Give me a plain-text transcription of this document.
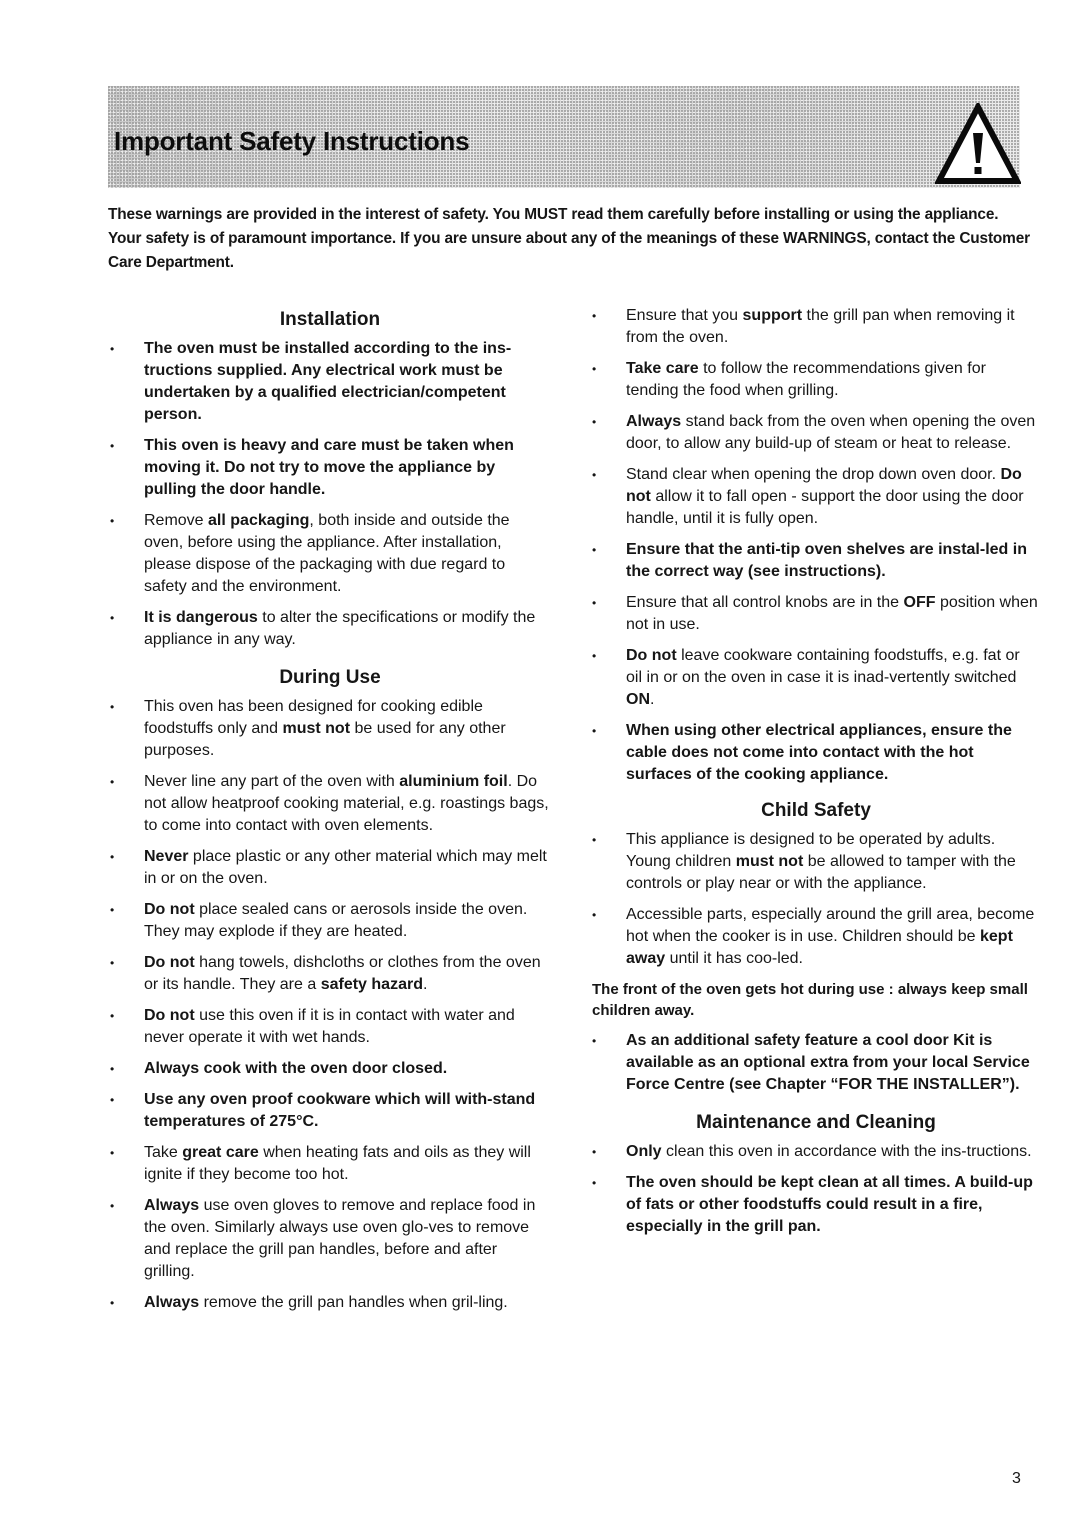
Important Safety Instructions

These warnings are provided in the interest of safety. You MUST read them carefully before installing or using the appliance. Your safety is of paramount importance. If you are unsure about any of the meanings of these WARNINGS, contact the Customer Care Department.

Installation
• The oven must be installed according to the ins-tructions supplied. Any electrical work must be undertaken by a qualified electrician/competent person.
• This oven is heavy and care must be taken when moving it. Do not try to move the appliance by pulling the door handle.
• Remove all packaging, both inside and outside the oven, before using the appliance. After installation, please dispose of the packaging with due regard to safety and the environment.
• It is dangerous to alter the specifications or modify the appliance in any way.
During Use
• This oven has been designed for cooking edible foodstuffs only and must not be used for any other purposes.
• Never line any part of the oven with aluminium foil. Do not allow heatproof cooking material, e.g. roastings bags, to come into contact with oven elements.
• Never place plastic or any other material which may melt in or on the oven.
• Do not place sealed cans or aerosols inside the oven. They may explode if they are heated.
• Do not hang towels, dishcloths or clothes from the oven or its handle. They are a safety hazard.
• Do not use this oven if it is in contact with water and never operate it with wet hands.
• Always cook with the oven door closed.
• Use any oven proof cookware which will with-stand temperatures of 275°C.
• Take great care when heating fats and oils as they will ignite if they become too hot.
• Always use oven gloves to remove and replace food in the oven. Similarly always use oven glo-ves to remove and replace the grill pan handles, before and after grilling.
• Always remove the grill pan handles when gril-ling.
• Ensure that you support the grill pan when removing it from the oven.
• Take care to follow the recommendations given for tending the food when grilling.
• Always stand back from the oven when opening the oven door, to allow any build-up of steam or heat to release.
• Stand clear when opening the drop down oven door. Do not allow it to fall open - support the door using the door handle, until it is fully open.
• Ensure that the anti-tip oven shelves are instal-led in the correct way (see instructions).
• Ensure that all control knobs are in the OFF position when not in use.
• Do not leave cookware containing foodstuffs, e.g. fat or oil in or on the oven in case it is inad-vertently switched ON.
• When using other electrical appliances, ensure the cable does not come into contact with the hot surfaces of the cooking appliance.
Child Safety
• This appliance is designed to be operated by adults. Young children must not be allowed to tamper with the controls or play near or with the appliance.
• Accessible parts, especially around the grill area, become hot when the cooker is in use. Children should be kept away until it has coo-led.

The front of the oven gets hot during use : always keep small children away.

• As an additional safety feature a cool door Kit is available as an optional extra from your local Service Force Centre (see Chapter “FOR THE INSTALLER”).
Maintenance and Cleaning
• Only clean this oven in accordance with the ins-tructions.
• The oven should be kept clean at all times. A build-up of fats or other foodstuffs could result in a fire, especially in the grill pan.
3
